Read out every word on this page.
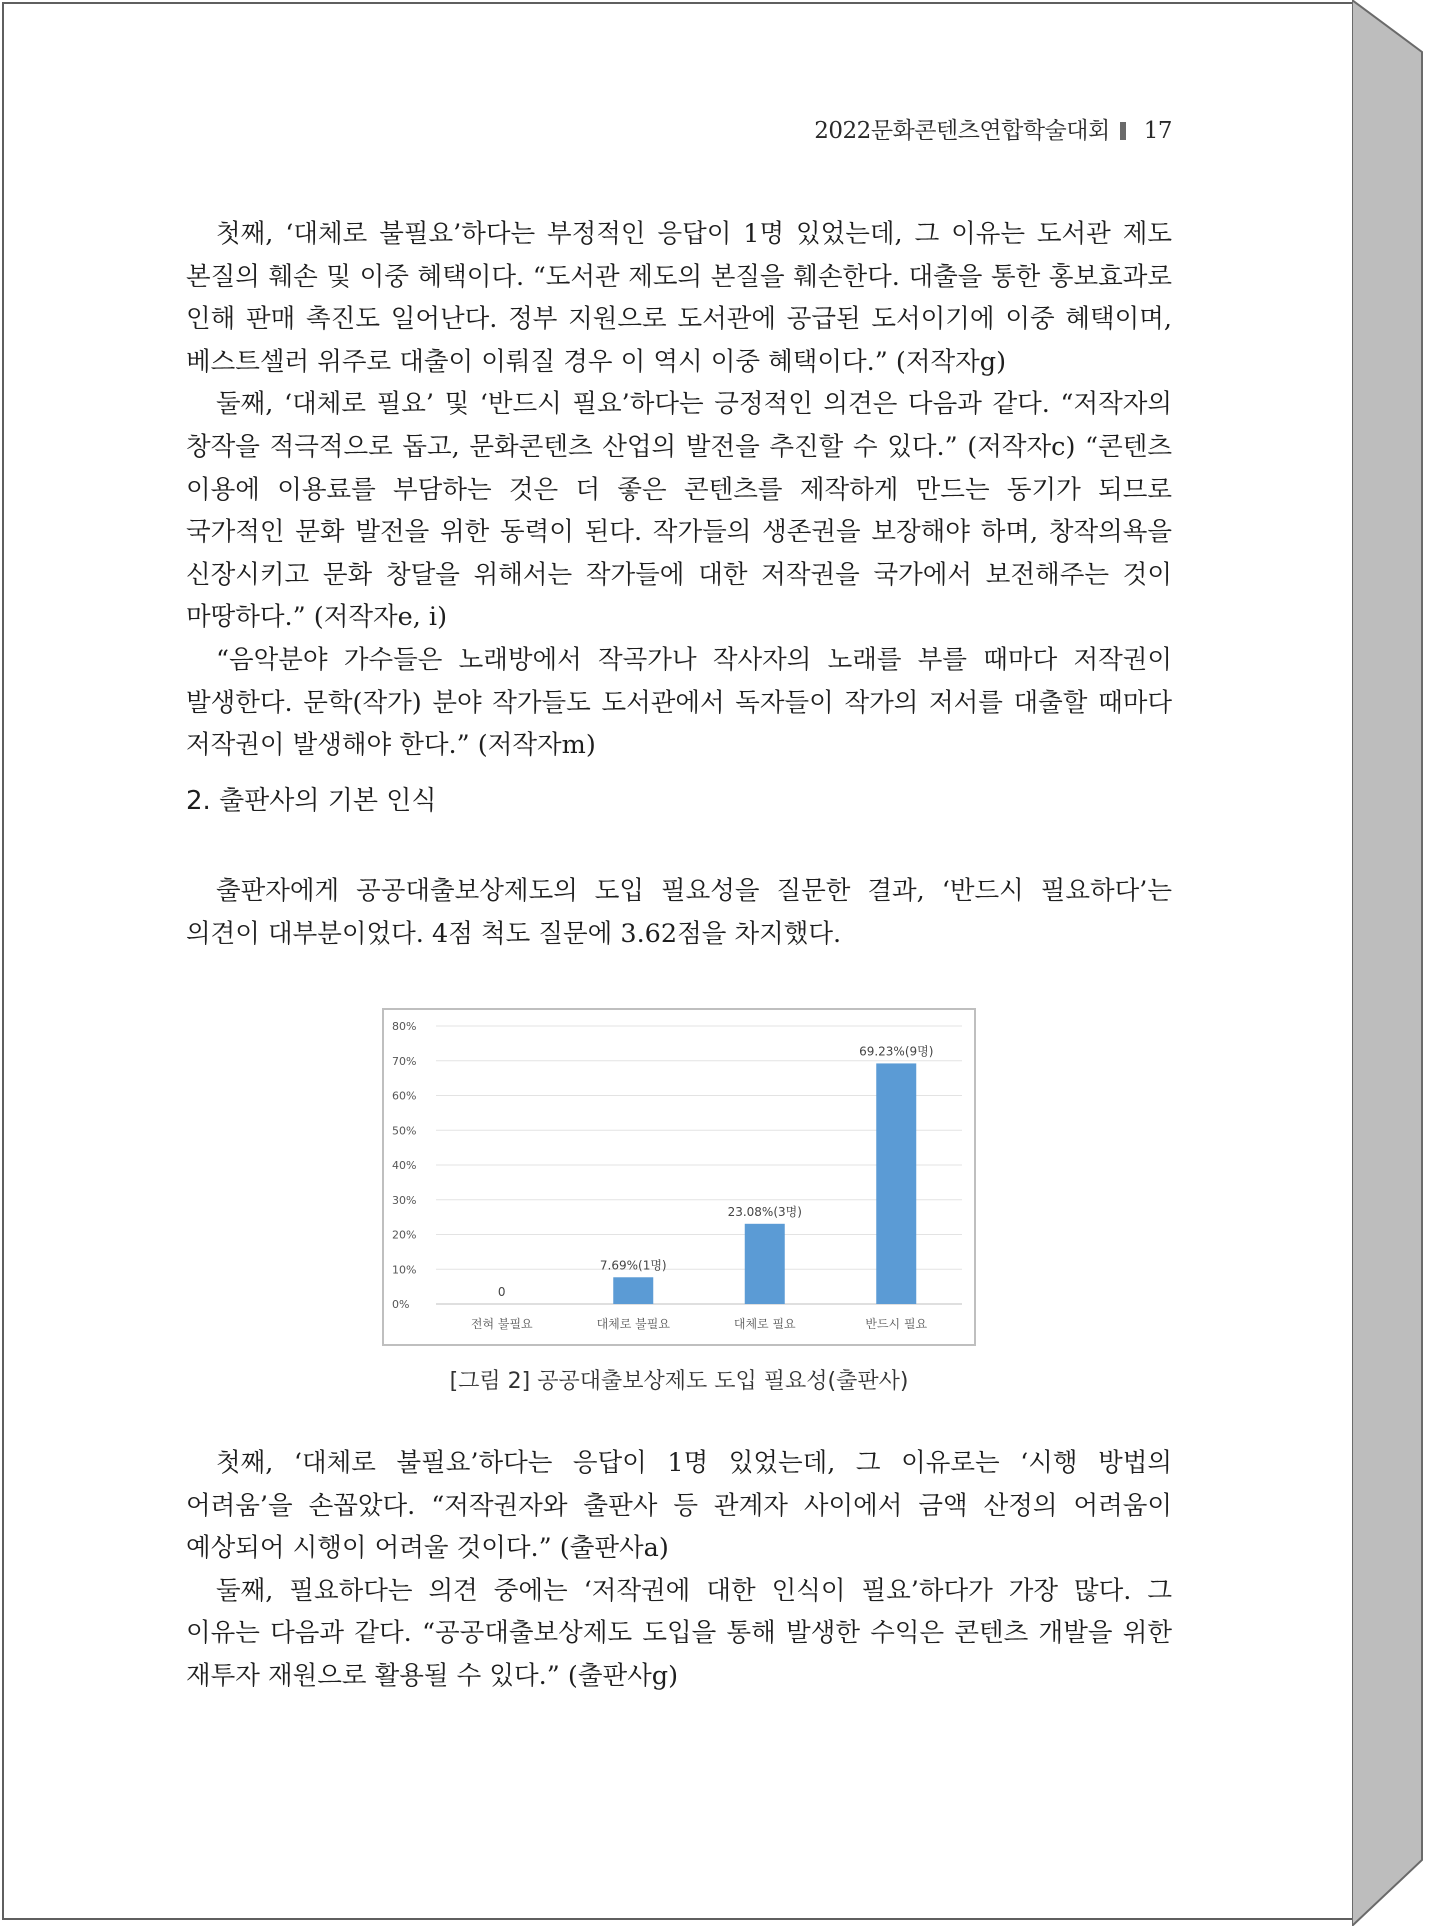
2022문화콘텐츠연합학술대회 17

첫째, ‘대체로 불필요’하다는 부정적인 응답이 1명 있었는데, 그 이유는 도서관 제도 본질의 훼손 및 이중 혜택이다. “도서관 제도의 본질을 훼손한다. 대출을 통한 홍보효과로 인해 판매 촉진도 일어난다. 정부 지원으로 도서관에 공급된 도서이기에 이중 혜택이며, 베스트셀러 위주로 대출이 이뤄질 경우 이 역시 이중 혜택이다.” (저작자g)

둘째, ‘대체로 필요’ 및 ‘반드시 필요’하다는 긍정적인 의견은 다음과 같다. “저작자의 창작을 적극적으로 돕고, 문화콘텐츠 산업의 발전을 추진할 수 있다.” (저작자c) “콘텐츠 이용에 이용료를 부담하는 것은 더 좋은 콘텐츠를 제작하게 만드는 동기가 되므로 국가적인 문화 발전을 위한 동력이 된다. 작가들의 생존권을 보장해야 하며, 창작의욕을 신장시키고 문화 창달을 위해서는 작가들에 대한 저작권을 국가에서 보전해주는 것이 마땅하다.” (저작자e, i)

“음악분야 가수들은 노래방에서 작곡가나 작사자의 노래를 부를 때마다 저작권이 발생한다. 문학(작가) 분야 작가들도 도서관에서 독자들이 작가의 저서를 대출할 때마다 저작권이 발생해야 한다.” (저작자m)

2. 출판사의 기본 인식

출판자에게 공공대출보상제도의 도입 필요성을 질문한 결과, ‘반드시 필요하다’는 의견이 대부분이었다. 4점 척도 질문에 3.62점을 차지했다.

0%
10%
20%
30%
40%
50%
60%
70%
80%
0
전혀 불필요
7.69%(1명)
대체로 불필요
23.08%(3명)
대체로 필요
69.23%(9명)
반드시 필요
[그림 2] 공공대출보상제도 도입 필요성(출판사)

첫째, ‘대체로 불필요’하다는 응답이 1명 있었는데, 그 이유로는 ‘시행 방법의 어려움’을 손꼽았다. “저작권자와 출판사 등 관계자 사이에서 금액 산정의 어려움이 예상되어 시행이 어려울 것이다.” (출판사a)

둘째, 필요하다는 의견 중에는 ‘저작권에 대한 인식이 필요’하다가 가장 많다. 그 이유는 다음과 같다. “공공대출보상제도 도입을 통해 발생한 수익은 콘텐츠 개발을 위한 재투자 재원으로 활용될 수 있다.” (출판사g)
